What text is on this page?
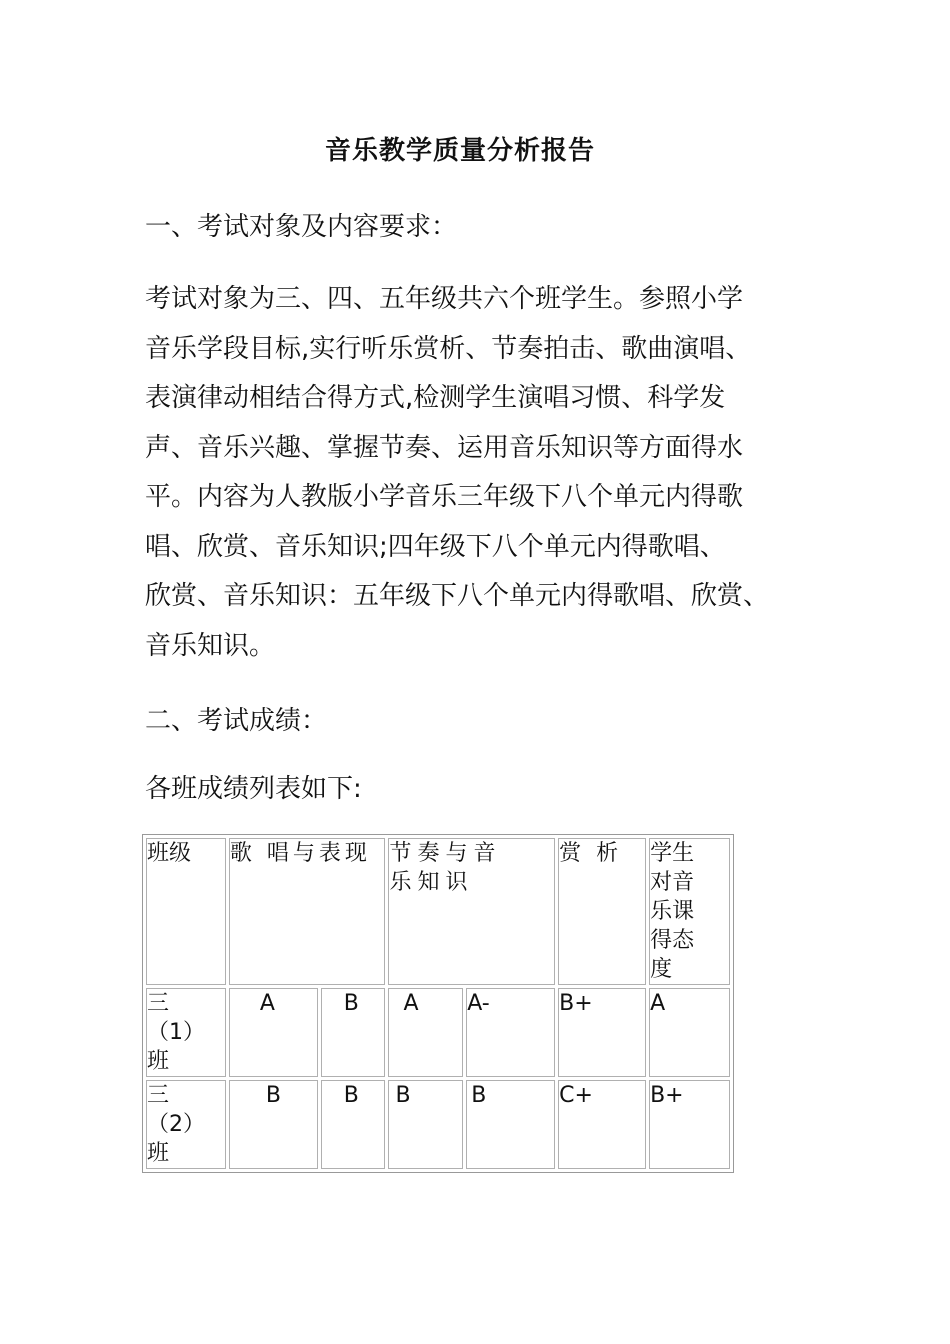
音乐教学质量分析报告
一、考试对象及内容要求：
考试对象为三、四、五年级共六个班学生。参照小学
音乐学段目标,实行听乐赏析、节奏拍击、歌曲演唱、
表演律动相结合得方式,检测学生演唱习惯、科学发
声、音乐兴趣、掌握节奏、运用音乐知识等方面得水
平。内容为人教版小学音乐三年级下八个单元内得歌
唱、欣赏、音乐知识;四年级下八个单元内得歌唱、
欣赏、音乐知识：五年级下八个单元内得歌唱、欣赏、
音乐知识。
二、考试成绩：
各班成绩列表如下:
班级	歌 唱与表现		节奏与音乐知识		赏 析	学生对音乐课得态度

三（1）班	A	B	A	A-	B+	A

三（2）班	B	B	B	B	C+	B+
